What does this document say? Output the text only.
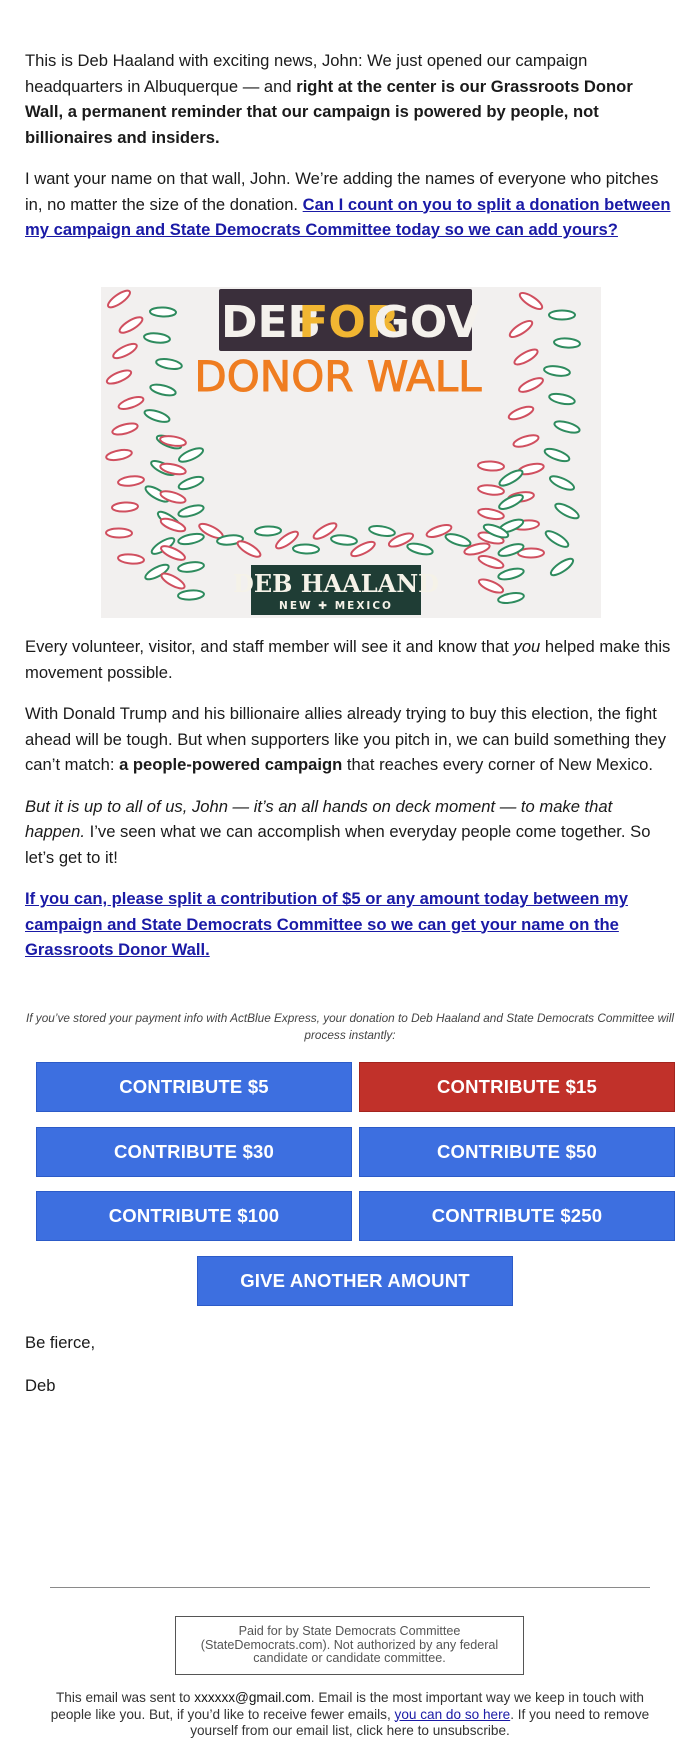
This is Deb Haaland with exciting news, John: We just opened our campaign headquarters in Albuquerque — and right at the center is our Grassroots Donor Wall, a permanent reminder that our campaign is powered by people, not billionaires and insiders.

I want your name on that wall, John. We’re adding the names of everyone who pitches in, no matter the size of the donation. Can I count on you to split a donation between my campaign and State Democrats Committee today so we can add yours?

DEB
FOR
GOV
DONOR WALL
DEB HAALAND
NEW ✚ MEXICO

Every volunteer, visitor, and staff member will see it and know that you helped make this movement possible.

With Donald Trump and his billionaire allies already trying to buy this election, the fight ahead will be tough. But when supporters like you pitch in, we can build something they can’t match: a people-powered campaign that reaches every corner of New Mexico.

But it is up to all of us, John — it’s an all hands on deck moment — to make that happen. I’ve seen what we can accomplish when everyday people come together. So let’s get to it!

If you can, please split a contribution of $5 or any amount today between my campaign and State Democrats Committee so we can get your name on the Grassroots Donor Wall.

If you’ve stored your payment info with ActBlue Express, your donation to Deb Haaland and State Democrats Committee will process instantly:
CONTRIBUTE $5	CONTRIBUTE $15
CONTRIBUTE $30	CONTRIBUTE $50
CONTRIBUTE $100	CONTRIBUTE $250
GIVE ANOTHER AMOUNT
Be fierce,
Deb
Paid for by State Democrats Committee (StateDemocrats.com). Not authorized by any federal candidate or candidate committee.
This email was sent to xxxxxx@gmail.com. Email is the most important way we keep in touch with people like you. But, if you’d like to receive fewer emails, you can do so here. If you need to remove yourself from our email list, click here to unsubscribe.
